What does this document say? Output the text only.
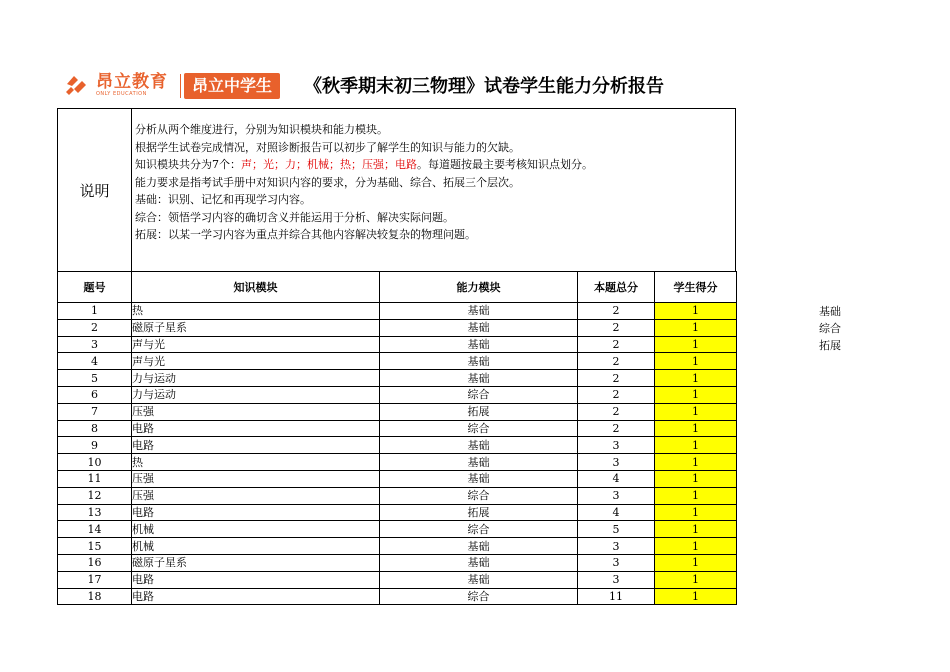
昂立教育
ONLY EDUCATION	昂立中学生	《秋季期末初三物理》试卷学生能力分析报告
说明
分析从两个维度进行，分别为知识模块和能力模块。
根据学生试卷完成情况，对照诊断报告可以初步了解学生的知识与能力的欠缺。
知识模块共分为7个：声；光；力；机械；热；压强；电路。每道题按最主要考核知识点划分。
能力要求是指考试手册中对知识内容的要求，分为基础、综合、拓展三个层次。
基础：识别、记忆和再现学习内容。
综合：领悟学习内容的确切含义并能运用于分析、解决实际问题。
拓展：以某一学习内容为重点并综合其他内容解决较复杂的物理问题。
题号	知识模块	能力模块	本题总分	学生得分
1	热	基础	2	1
2	磁原子星系	基础	2	1
3	声与光	基础	2	1
4	声与光	基础	2	1
5	力与运动	基础	2	1
6	力与运动	综合	2	1
7	压强	拓展	2	1
8	电路	综合	2	1
9	电路	基础	3	1
10	热	基础	3	1
11	压强	基础	4	1
12	压强	综合	3	1
13	电路	拓展	4	1
14	机械	综合	5	1
15	机械	基础	3	1
16	磁原子星系	基础	3	1
17	电路	基础	3	1
18	电路	综合	11	1
基础
综合
拓展
